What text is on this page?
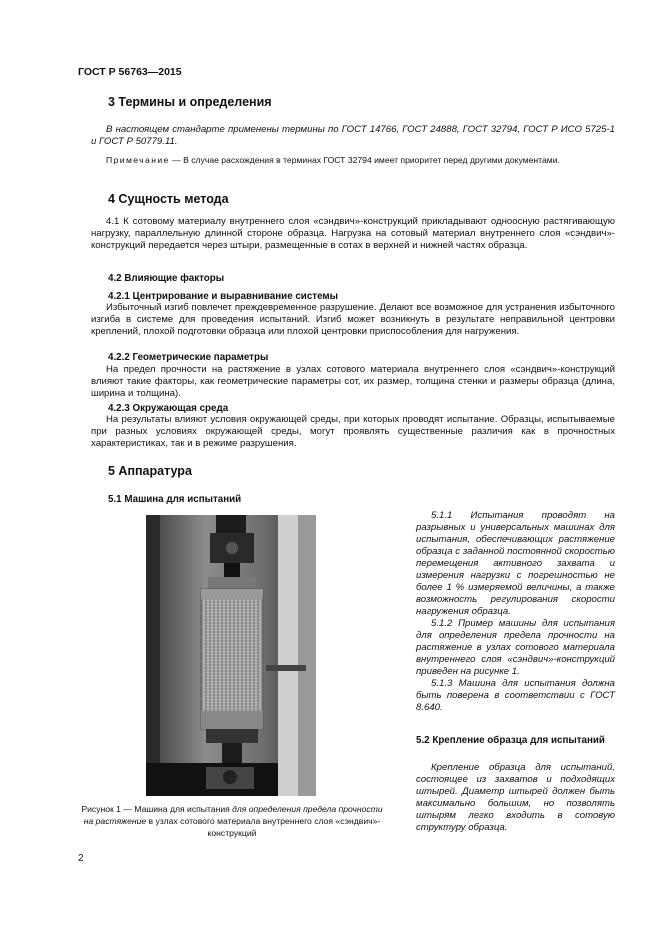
ГОСТ Р 56763—2015
3 Термины и определения

В настоящем стандарте применены термины по ГОСТ 14766, ГОСТ 24888, ГОСТ 32794, ГОСТ Р ИСО 5725-1 и ГОСТ Р 50779.11.

Примечание — В случае расхождения в терминах ГОСТ 32794 имеет приоритет перед другими документами.

4 Сущность метода

4.1 К сотовому материалу внутреннего слоя «сэндвич»-конструкций прикладывают одноосную растягивающую нагрузку, параллельную длинной стороне образца. Нагрузка на сотовый материал внутреннего слоя «сэндвич»-конструкций передается через штыри, размещенные в сотах в верхней и нижней частях образца.

4.2 Влияющие факторы
4.2.1 Центрирование и выравнивание системы

Избыточный изгиб повлечет преждевременное разрушение. Делают все возможное для устранения избыточного изгиба в системе для проведения испытаний. Изгиб может возникнуть в результате неправильной центровки креплений, плохой подготовки образца или плохой центровки приспособления для нагружения.

4.2.2 Геометрические параметры

На предел прочности на растяжение в узлах сотового материала внутреннего слоя «сэндвич»-конструкций влияют такие факторы, как геометрические параметры сот, их размер, толщина стенки и размеры образца (длина, ширина и толщина).

4.2.3 Окружающая среда

На результаты влияют условия окружающей среды, при которых проводят испытание. Образцы, испытываемые при разных условиях окружающей среды, могут проявлять существенные различия как в прочностных характеристиках, так и в режиме разрушения.

5 Аппаратура
5.1 Машина для испытаний

Рисунок 1 — Машина для испытания для определения предела прочности на растяжение в узлах сотового материала внутреннего слоя «сэндвич»-конструкций

5.1.1 Испытания проводят на разрывных и универсальных машинах для испытания, обеспечивающих растяжение образца с заданной постоянной скоростью перемещения активного захвата и измерения нагрузки с погрешностью не более 1 % измеряемой величины, а также возможность регулирования скорости нагружения образца.

5.1.2 Пример машины для испытания для определения предела прочности на растяжение в узлах сотового материала внутреннего слоя «сэндвич»-конструкций приведен на рисунке 1.

5.1.3 Машина для испытания должна быть поверена в соответствии с ГОСТ 8.640.

5.2 Крепление образца для испытаний

Крепление образца для испытаний, состоящее из захватов и подходящих штырей. Диаметр штырей должен быть максимально большим, но позволять штырям легко входить в сотовую структуру образца.

2
